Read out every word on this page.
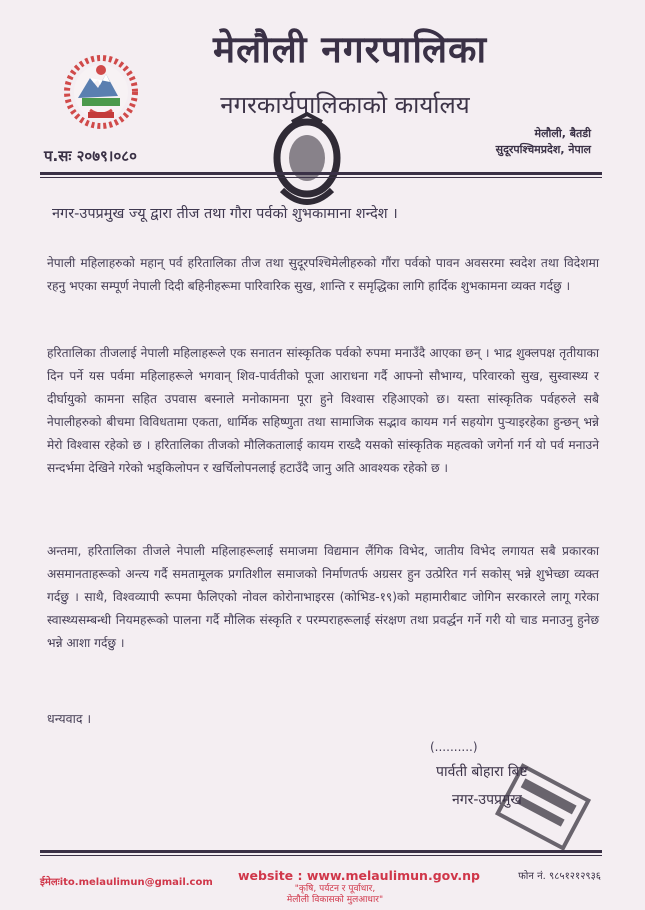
मेलौली नगरपालिका
नगरकार्यपालिकाको कार्यालय
प.सः २०७९।०८०
मेलौली, बैतडी
सुदूरपश्चिमप्रदेश, नेपाल
नगर-उपप्रमुख ज्यू द्वारा तीज तथा गौरा पर्वको शुभकामाना शन्देश ।
नेपाली महिलाहरुको महान् पर्व हरितालिका तीज तथा सुदूरपश्चिमेलीहरुको गौंरा पर्वको पावन अवसरमा स्वदेश तथा विदेशमा रहनु भएका सम्पूर्ण नेपाली दिदी बहिनीहरूमा पारिवारिक सुख, शान्ति र समृद्धिका लागि हार्दिक शुभकामना व्यक्त गर्दछु ।
हरितालिका तीजलाई नेपाली महिलाहरूले एक सनातन सांस्कृतिक पर्वको रुपमा मनाउँदै आएका छन् । भाद्र शुक्लपक्ष तृतीयाका दिन पर्ने यस पर्वमा महिलाहरूले भगवान् शिव-पार्वतीको पूजा आराधना गर्दै आफ्नो सौभाग्य, परिवारको सुख, सुस्वास्थ्य र दीर्घायुको कामना सहित उपवास बस्नाले मनोकामना पूरा हुने विश्वास रहिआएको छ। यस्ता सांस्कृतिक पर्वहरुले सबै नेपालीहरुको बीचमा विविधतामा एकता, धार्मिक सहिष्णुता तथा सामाजिक सद्भाव कायम गर्न सहयोग पुऱ्याइरहेका हुन्छन् भन्ने मेरो विश्वास रहेको छ । हरितालिका तीजको मौलिकतालाई कायम राख्दै यसको सांस्कृतिक महत्वको जगेर्ना गर्न यो पर्व मनाउने सन्दर्भमा देखिने गरेको भड्किलोपन र खर्चिलोपनलाई हटाउँदै जानु अति आवश्यक रहेको छ ।
अन्तमा, हरितालिका तीजले नेपाली महिलाहरूलाई समाजमा विद्यमान लैंगिक विभेद, जातीय विभेद लगायत सबै प्रकारका असमानताहरूको अन्त्य गर्दै समतामूलक प्रगतिशील समाजको निर्माणतर्फ अग्रसर हुन उत्प्रेरित गर्न सकोस् भन्ने शुभेच्छा व्यक्त गर्दछु । साथै, विश्वव्यापी रूपमा फैलिएको नोवल कोरोनाभाइरस (कोभिड-१९)को महामारीबाट जोगिन सरकारले लागू गरेका स्वास्थ्यसम्बन्धी नियमहरूको पालना गर्दै मौलिक संस्कृति र परम्पराहरूलाई संरक्षण तथा प्रवर्द्धन गर्ने गरी यो चाड मनाउनु हुनेछ भन्ने आशा गर्दछु ।
धन्यवाद ।
(..........)
पार्वती बोहारा बिष्ट
नगर-उपप्रमुख
ईमेलःito.melaulimun@gmail.com website : www.melaulimun.gov.np
"कृषि, पर्यटन र पूर्वाधार,
मेलौली विकासको मुलआधार"
फोन नं. ९८५१२१२९३६
